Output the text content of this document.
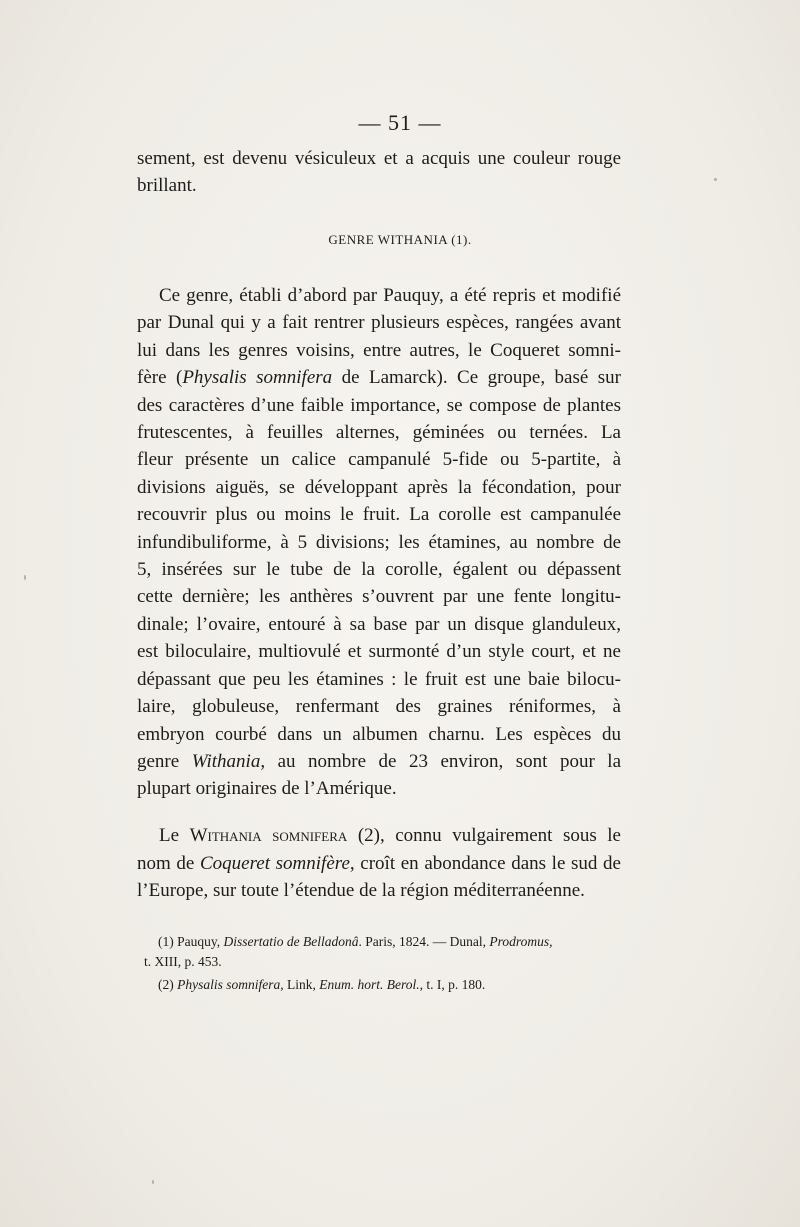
— 51 —
sement, est devenu vésiculeux et a acquis une couleur rouge
brillant.
GENRE WITHANIA (1).
Ce genre, établi d’abord par Pauquy, a été repris et modifié
par Dunal qui y a fait rentrer plusieurs espèces, rangées avant
lui dans les genres voisins, entre autres, le Coqueret somni-
fère (Physalis somnifera de Lamarck). Ce groupe, basé sur
des caractères d’une faible importance, se compose de plantes
frutescentes, à feuilles alternes, géminées ou ternées. La
fleur présente un calice campanulé 5-fide ou 5-partite, à
divisions aiguës, se développant après la fécondation, pour
recouvrir plus ou moins le fruit. La corolle est campanulée
infundibuliforme, à 5 divisions; les étamines, au nombre de
5, insérées sur le tube de la corolle, égalent ou dépassent
cette dernière; les anthères s’ouvrent par une fente longitu-
dinale; l’ovaire, entouré à sa base par un disque glanduleux,
est biloculaire, multiovulé et surmonté d’un style court, et ne
dépassant que peu les étamines : le fruit est une baie bilocu-
laire, globuleuse, renfermant des graines réniformes, à
embryon courbé dans un albumen charnu. Les espèces du
genre Withania, au nombre de 23 environ, sont pour la
plupart originaires de l’Amérique.
Le Withania somnifera (2), connu vulgairement sous le
nom de Coqueret somnifère, croît en abondance dans le sud de
l’Europe, sur toute l’étendue de la région méditerranéenne.
(1) Pauquy, Dissertatio de Belladonâ. Paris, 1824. — Dunal, Prodromus,
t. XIII, p. 453.
(2) Physalis somnifera, Link, Enum. hort. Berol., t. I, p. 180.
